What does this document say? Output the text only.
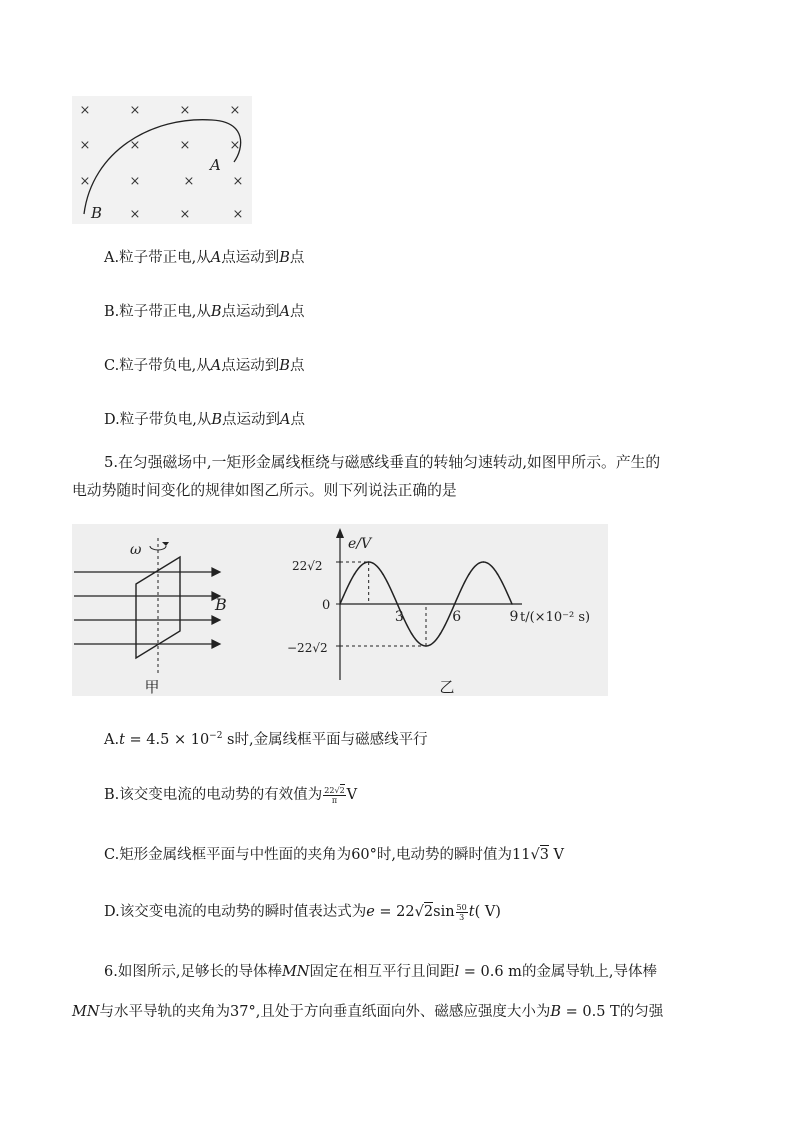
×	×	×	×
×	×	×	×
×	×	×	×
×	×	×
A
B
A.粒子带正电,从A点运动到B点
B.粒子带正电,从B点运动到A点
C.粒子带负电,从A点运动到B点
D.粒子带负电,从B点运动到A点
5.在匀强磁场中,一矩形金属线框绕与磁感线垂直的转轴匀速转动,如图甲所示。产生的
电动势随时间变化的规律如图乙所示。则下列说法正确的是
ω
B
甲
e/V
22√2
−22√2
0
t/(×10⁻² s)
乙
3	6	9
$A.t = 4.5 \times 10^{-2}$ s时,金属线框平面与磁感线平行
B.该交变电流的电动势的有效值为 $\frac{22√2}{\pi}$ V
C.矩形金属线框平面与中性面的夹角为60°时,电动势的瞬时值为11√3 V
D.该交变电流的电动势的瞬时值表达式为$e = 22√2\sin \frac{50}{3} t$( V)
6.如图所示,足够长的导体棒MN固定在相互平行且间距l = 0.6 m的金属导轨上,导体棒
MN与水平导轨的夹角为37°,且处于方向垂直纸面向外、磁感应强度大小为B = 0.5 T的匀强
